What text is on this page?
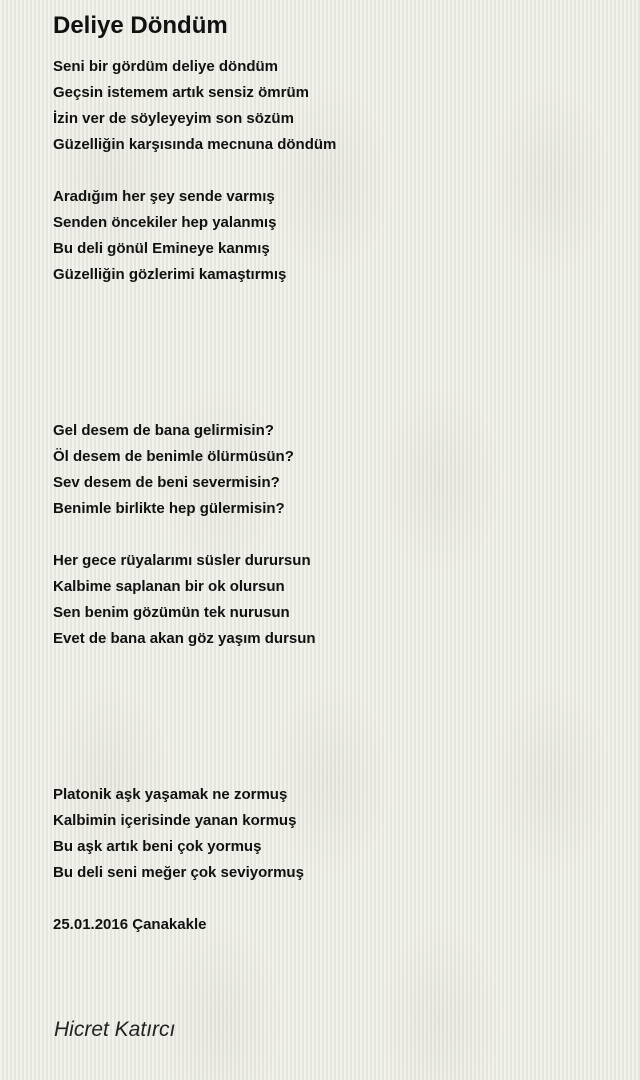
Deliye Döndüm
Seni bir gördüm deliye döndüm
Geçsin istemem artık sensiz ömrüm
İzin ver de söyleyeyim son sözüm
Güzelliğin karşısında mecnuna döndüm
Aradığım her şey sende varmış
Senden öncekiler hep yalanmış
Bu deli gönül Emineye kanmış
Güzelliğin gözlerimi kamaştırmış
Gel desem de bana gelirmisin?
Öl desem de benimle ölürmüsün?
Sev desem de beni severmisin?
Benimle birlikte hep gülermisin?
Her gece rüyalarımı süsler durursun
Kalbime saplanan bir ok olursun
Sen benim gözümün tek nurusun
Evet de bana akan göz yaşım dursun
Platonik aşk yaşamak ne zormuş
Kalbimin içerisinde yanan kormuş
Bu aşk artık beni çok yormuş
Bu deli seni meğer çok seviyormuş
25.01.2016 Çanakakle
Hicret Katırcı
